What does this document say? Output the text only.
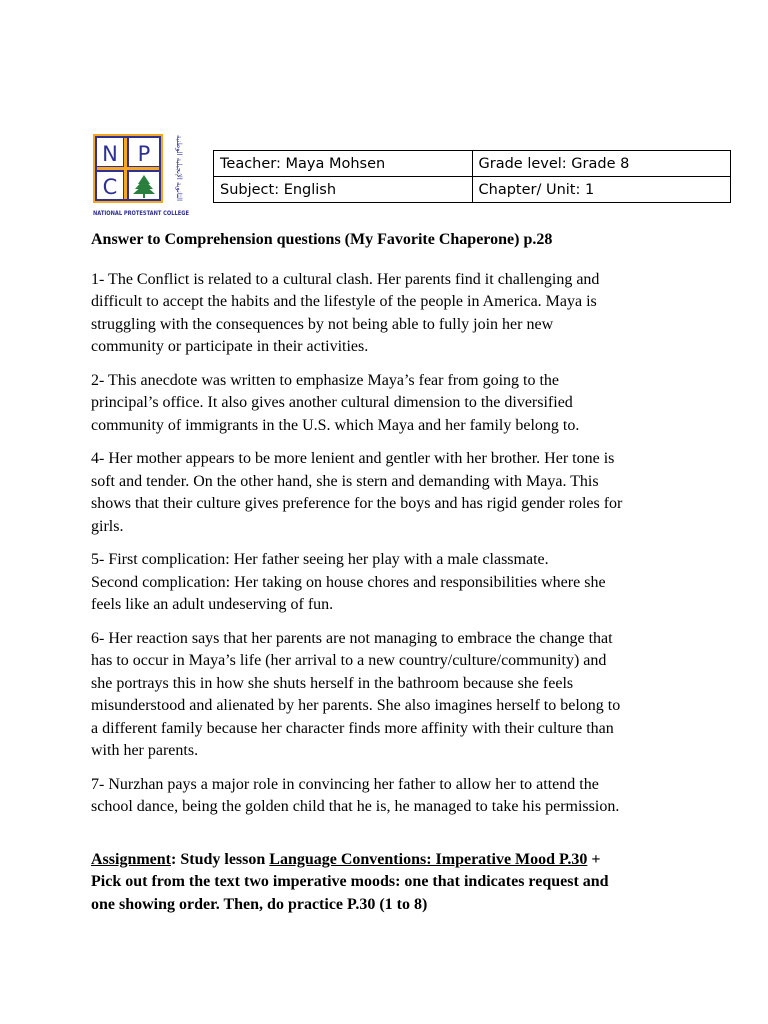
N P
C	الثانوية الإنجيلية الوطنية
NATIONAL PROTESTANT COLLEGE
Teacher: Maya Mohsen	Grade level: Grade 8
Subject: English	Chapter/ Unit: 1
Answer to Comprehension questions (My Favorite Chaperone) p.28
1- The Conflict is related to a cultural clash. Her parents find it challenging and
difficult to accept the habits and the lifestyle of the people in America. Maya is
struggling with the consequences by not being able to fully join her new
community or participate in their activities.
2- This anecdote was written to emphasize Maya’s fear from going to the
principal’s office. It also gives another cultural dimension to the diversified
community of immigrants in the U.S. which Maya and her family belong to.
4- Her mother appears to be more lenient and gentler with her brother. Her tone is
soft and tender. On the other hand, she is stern and demanding with Maya. This
shows that their culture gives preference for the boys and has rigid gender roles for
girls.
5- First complication: Her father seeing her play with a male classmate.
Second complication: Her taking on house chores and responsibilities where she
feels like an adult undeserving of fun.
6- Her reaction says that her parents are not managing to embrace the change that
has to occur in Maya’s life (her arrival to a new country/culture/community) and
she portrays this in how she shuts herself in the bathroom because she feels
misunderstood and alienated by her parents. She also imagines herself to belong to
a different family because her character finds more affinity with their culture than
with her parents.
7- Nurzhan pays a major role in convincing her father to allow her to attend the
school dance, being the golden child that he is, he managed to take his permission.
Assignment: Study lesson Language Conventions: Imperative Mood P.30 +
Pick out from the text two imperative moods: one that indicates request and
one showing order. Then, do practice P.30 (1 to 8)
